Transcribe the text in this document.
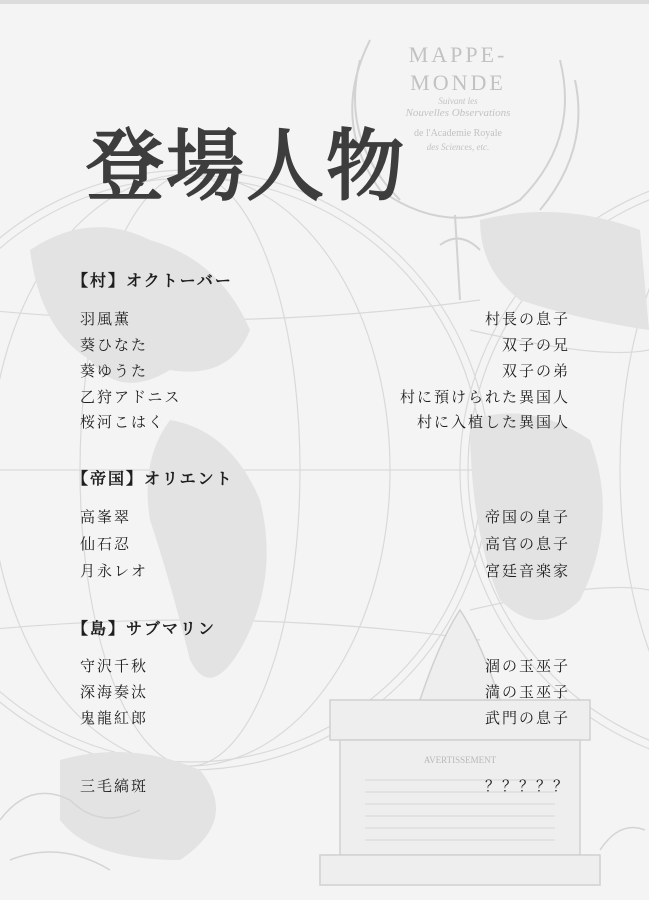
MAPPE-
MONDE
Suivant les
Nouvelles Observations
de l'Academie Royale
des Sciences, etc.
AVERTISSEMENT
登場人物
【村】オクトーバー
羽風薫	村長の息子
葵ひなた	双子の兄
葵ゆうた	双子の弟
乙狩アドニス	村に預けられた異国人
桜河こはく	村に入植した異国人
【帝国】オリエント
高峯翠	帝国の皇子
仙石忍	高官の息子
月永レオ	宮廷音楽家
【島】サブマリン
守沢千秋	涸の玉巫子
深海奏汰	満の玉巫子
鬼龍紅郎	武門の息子
三毛縞斑	？？？？？
